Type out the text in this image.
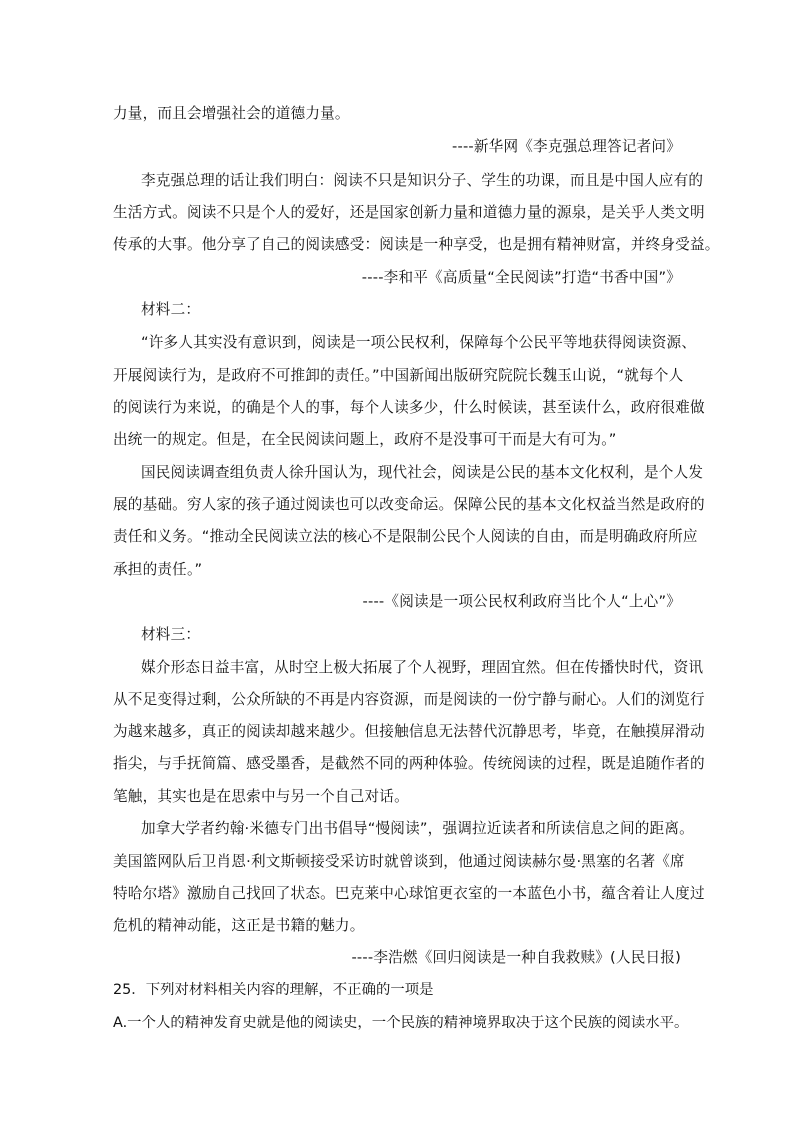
力量，而且会增强社会的道德力量。
----新华网《李克强总理答记者问》
李克强总理的话让我们明白：阅读不只是知识分子、学生的功课，而且是中国人应有的
生活方式。阅读不只是个人的爱好，还是国家创新力量和道德力量的源泉，是关乎人类文明
传承的大事。他分享了自己的阅读感受：阅读是一种享受，也是拥有精神财富，并终身受益。
----李和平《高质量“全民阅读”打造“书香中国”》
材料二：
“许多人其实没有意识到，阅读是一项公民权利，保障每个公民平等地获得阅读资源、
开展阅读行为，是政府不可推卸的责任。”中国新闻出版研究院院长魏玉山说，“就每个人
的阅读行为来说，的确是个人的事，每个人读多少，什么时候读，甚至读什么，政府很难做
出统一的规定。但是，在全民阅读问题上，政府不是没事可干而是大有可为。”
国民阅读调查组负责人徐升国认为，现代社会，阅读是公民的基本文化权利，是个人发
展的基础。穷人家的孩子通过阅读也可以改变命运。保障公民的基本文化权益当然是政府的
责任和义务。“推动全民阅读立法的核心不是限制公民个人阅读的自由，而是明确政府所应
承担的责任。”
----《阅读是一项公民权利政府当比个人“上心”》
材料三：
媒介形态日益丰富，从时空上极大拓展了个人视野，理固宜然。但在传播快时代，资讯
从不足变得过剩，公众所缺的不再是内容资源，而是阅读的一份宁静与耐心。人们的浏览行
为越来越多，真正的阅读却越来越少。但接触信息无法替代沉静思考，毕竟，在触摸屏滑动
指尖，与手抚简篇、感受墨香，是截然不同的两种体验。传统阅读的过程，既是追随作者的
笔触，其实也是在思索中与另一个自己对话。
加拿大学者约翰·米德专门出书倡导“慢阅读”，强调拉近读者和所读信息之间的距离。
美国篮网队后卫肖恩·利文斯顿接受采访时就曾谈到，他通过阅读赫尔曼·黑塞的名著《席
特哈尔塔》激励自己找回了状态。巴克莱中心球馆更衣室的一本蓝色小书，蕴含着让人度过
危机的精神动能，这正是书籍的魅力。
----李浩燃《回归阅读是一种自我救赎》(人民日报)
25．下列对材料相关内容的理解，不正确的一项是
A.一个人的精神发育史就是他的阅读史，一个民族的精神境界取决于这个民族的阅读水平。
